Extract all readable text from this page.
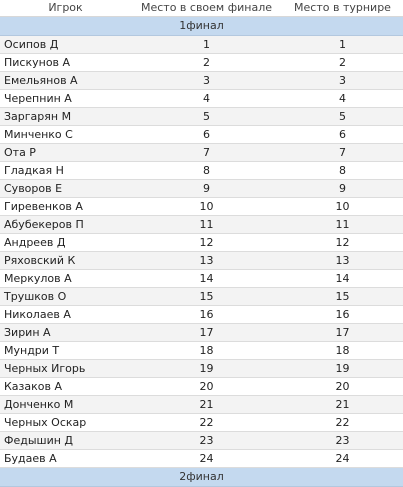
Игрок	Место в своем финале	Место в турнире
1финал		
Осипов Д	1	1
Пискунов А	2	2
Емельянов А	3	3
Черепнин А	4	4
Заргарян М	5	5
Минченко С	6	6
Ота Р	7	7
Гладкая Н	8	8
Суворов Е	9	9
Гиревенков А	10	10
Абубекеров П	11	11
Андреев Д	12	12
Ряховский К	13	13
Меркулов А	14	14
Трушков О	15	15
Николаев А	16	16
Зирин А	17	17
Мундри Т	18	18
Черных Игорь	19	19
Казаков А	20	20
Донченко М	21	21
Черных Оскар	22	22
Федышин Д	23	23
Будаев А	24	24
2финал		
